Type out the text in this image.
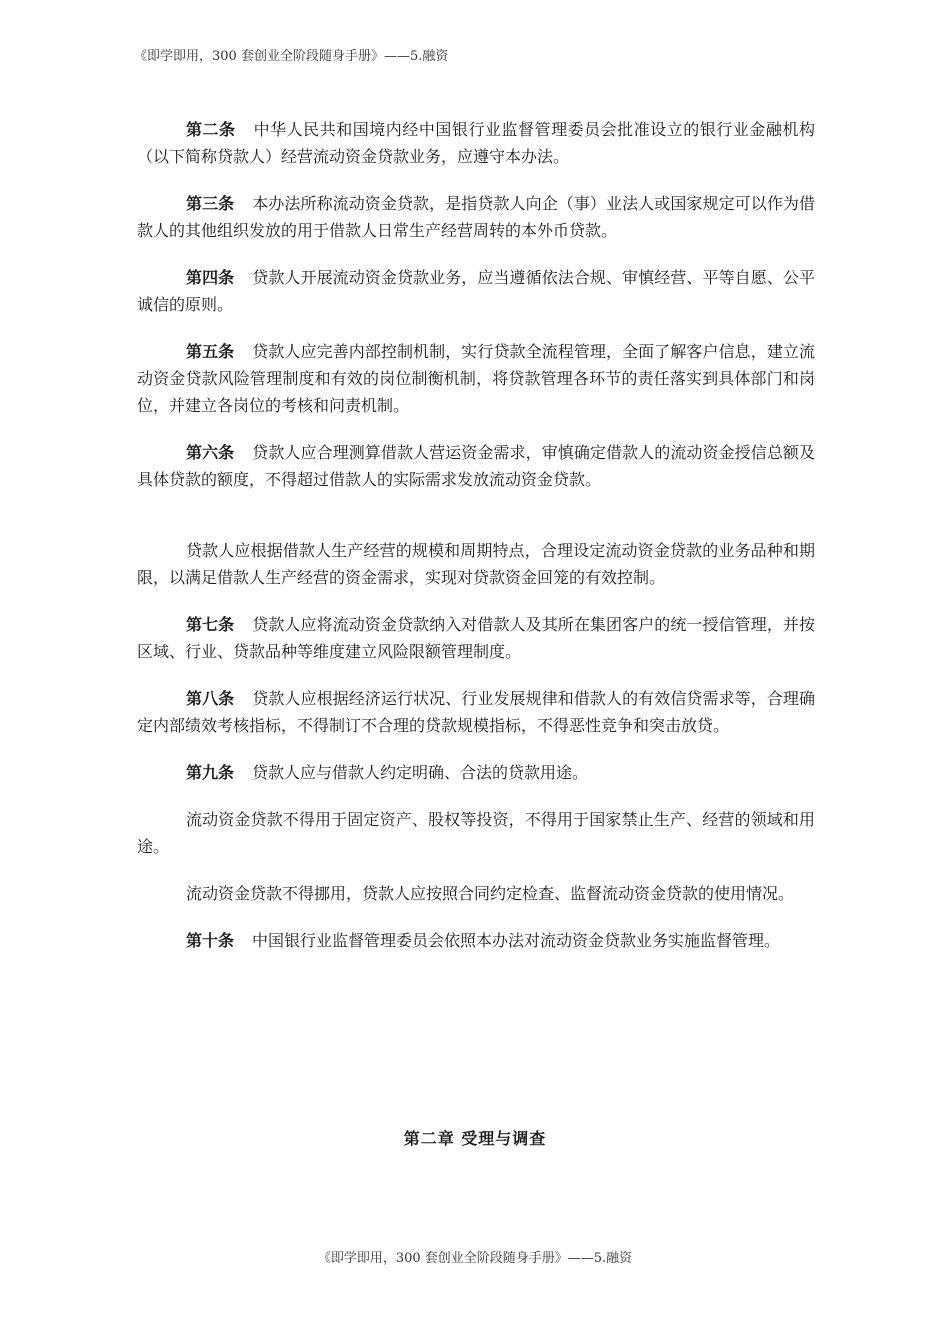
《即学即用，300 套创业全阶段随身手册》——5.融资

第二条 中华人民共和国境内经中国银行业监督管理委员会批准设立的银行业金融机构（以下简称贷款人）经营流动资金贷款业务，应遵守本办法。

第三条 本办法所称流动资金贷款，是指贷款人向企（事）业法人或国家规定可以作为借款人的其他组织发放的用于借款人日常生产经营周转的本外币贷款。

第四条 贷款人开展流动资金贷款业务，应当遵循依法合规、审慎经营、平等自愿、公平诚信的原则。

第五条 贷款人应完善内部控制机制，实行贷款全流程管理，全面了解客户信息，建立流动资金贷款风险管理制度和有效的岗位制衡机制，将贷款管理各环节的责任落实到具体部门和岗位，并建立各岗位的考核和问责机制。

第六条 贷款人应合理测算借款人营运资金需求，审慎确定借款人的流动资金授信总额及具体贷款的额度，不得超过借款人的实际需求发放流动资金贷款。

贷款人应根据借款人生产经营的规模和周期特点，合理设定流动资金贷款的业务品种和期限，以满足借款人生产经营的资金需求，实现对贷款资金回笼的有效控制。

第七条 贷款人应将流动资金贷款纳入对借款人及其所在集团客户的统一授信管理，并按区域、行业、贷款品种等维度建立风险限额管理制度。

第八条 贷款人应根据经济运行状况、行业发展规律和借款人的有效信贷需求等，合理确定内部绩效考核指标，不得制订不合理的贷款规模指标，不得恶性竞争和突击放贷。

第九条 贷款人应与借款人约定明确、合法的贷款用途。

流动资金贷款不得用于固定资产、股权等投资，不得用于国家禁止生产、经营的领域和用途。

流动资金贷款不得挪用，贷款人应按照合同约定检查、监督流动资金贷款的使用情况。

第十条 中国银行业监督管理委员会依照本办法对流动资金贷款业务实施监督管理。

第二章 受理与调查
《即学即用，300 套创业全阶段随身手册》——5.融资
